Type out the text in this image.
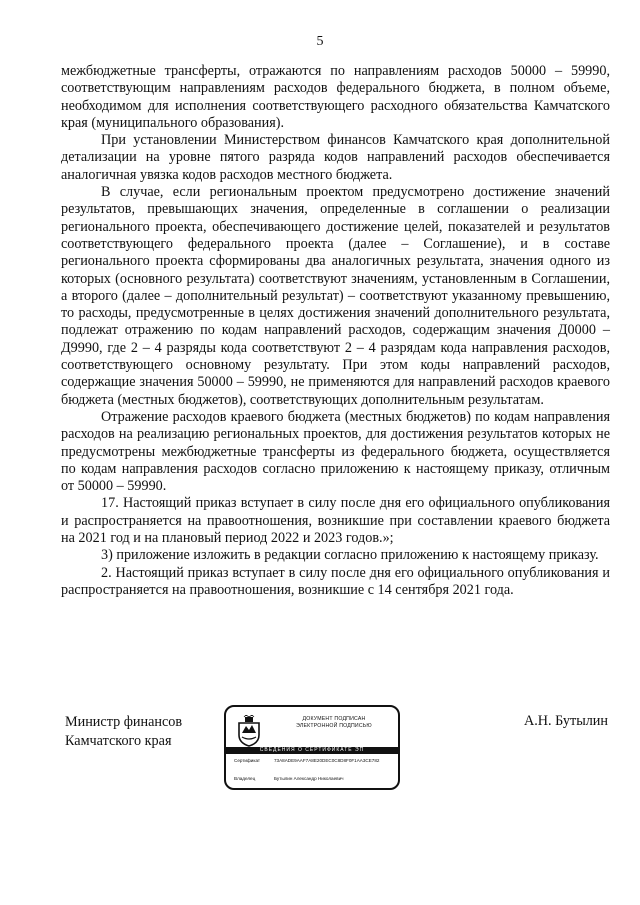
5

межбюджетные трансферты, отражаются по направлениям расходов 50000 – 59990, соответствующим направлениям расходов федерального бюджета, в полном объеме, необходимом для исполнения соответствующего расходного обязательства Камчатского края (муниципального образования).

При установлении Министерством финансов Камчатского края дополнительной детализации на уровне пятого разряда кодов направлений расходов обеспечивается аналогичная увязка кодов расходов местного бюджета.

В случае, если региональным проектом предусмотрено достижение значений результатов, превышающих значения, определенные в соглашении о реализации регионального проекта, обеспечивающего достижение целей, показателей и результатов соответствующего федерального проекта (далее – Соглашение), и в составе регионального проекта сформированы два аналогичных результата, значения одного из которых (основного результата) соответствуют значениям, установленным в Соглашении, а второго (далее – дополнительный результат) – соответствуют указанному превышению, то расходы, предусмотренные в целях достижения значений дополнительного результата, подлежат отражению по кодам направлений расходов, содержащим значения Д0000 – Д9990, где 2 – 4 разряды кода соответствуют 2 – 4 разрядам кода направления расходов, соответствующего основному результату. При этом коды направлений расходов, содержащие значения 50000 – 59990, не применяются для направлений расходов краевого бюджета (местных бюджетов), соответствующих дополнительным результатам.

Отражение расходов краевого бюджета (местных бюджетов) по кодам направления расходов на реализацию региональных проектов, для достижения результатов которых не предусмотрены межбюджетные трансферты из федерального бюджета, осуществляется по кодам направления расходов согласно приложению к настоящему приказу, отличным от 50000 – 59990.

17. Настоящий приказ вступает в силу после дня его официального опубликования и распространяется на правоотношения, возникшие при составлении краевого бюджета на 2021 год и на плановый период 2022 и 2023 годов.»;

3) приложение изложить в редакции согласно приложению к настоящему приказу.

2. Настоящий приказ вступает в силу после дня его официального опубликования и распространяется на правоотношения, возникшие с 14 сентября 2021 года.

Министр финансов
Камчатского края
ДОКУМЕНТ ПОДПИСАН
ЭЛЕКТРОННОЙ ПОДПИСЬЮ
СВЕДЕНИЯ О СЕРТИФИКАТЕ ЭП
Сертификат	73A8ADE9AAF7A8E20DEC0C8D8F0F1AA3CE782
Владелец	Бутылин Александр Николаевич
А.Н. Бутылин
